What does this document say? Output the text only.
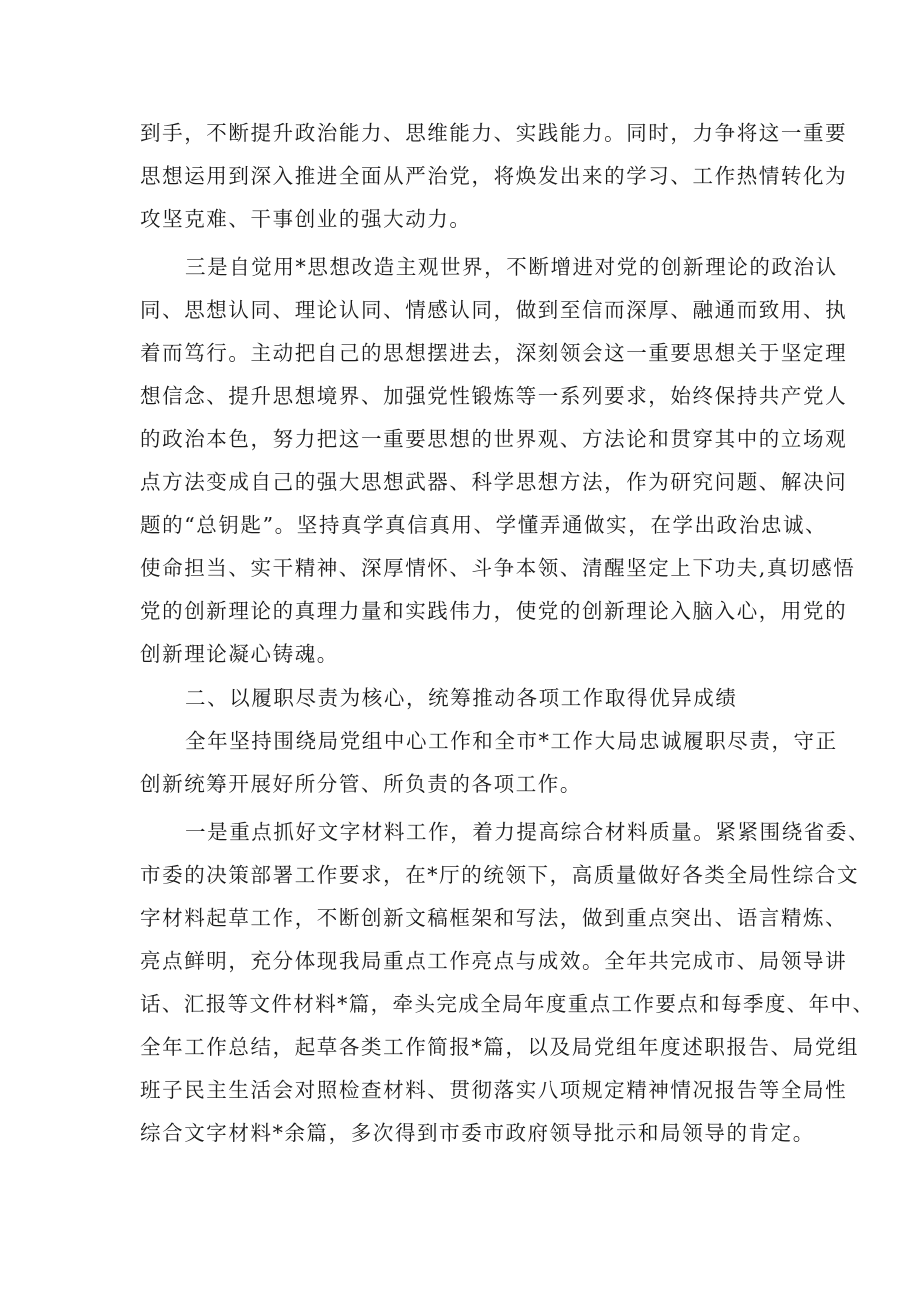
到手，不断提升政治能力、思维能力、实践能力。同时，力争将这一重要
思想运用到深入推进全面从严治党，将焕发出来的学习、工作热情转化为
攻坚克难、干事创业的强大动力。
三是自觉用*思想改造主观世界，不断增进对党的创新理论的政治认
同、思想认同、理论认同、情感认同，做到至信而深厚、融通而致用、执
着而笃行。主动把自己的思想摆进去，深刻领会这一重要思想关于坚定理
想信念、提升思想境界、加强党性锻炼等一系列要求，始终保持共产党人
的政治本色，努力把这一重要思想的世界观、方法论和贯穿其中的立场观
点方法变成自己的强大思想武器、科学思想方法，作为研究问题、解决问
题的“总钥匙”。坚持真学真信真用、学懂弄通做实，在学出政治忠诚、
使命担当、实干精神、深厚情怀、斗争本领、清醒坚定上下功夫,真切感悟
党的创新理论的真理力量和实践伟力，使党的创新理论入脑入心，用党的
创新理论凝心铸魂。
二、以履职尽责为核心，统筹推动各项工作取得优异成绩
全年坚持围绕局党组中心工作和全市*工作大局忠诚履职尽责，守正
创新统筹开展好所分管、所负责的各项工作。
一是重点抓好文字材料工作，着力提高综合材料质量。紧紧围绕省委、
市委的决策部署工作要求，在*厅的统领下，高质量做好各类全局性综合文
字材料起草工作，不断创新文稿框架和写法，做到重点突出、语言精炼、
亮点鲜明，充分体现我局重点工作亮点与成效。全年共完成市、局领导讲
话、汇报等文件材料*篇，牵头完成全局年度重点工作要点和每季度、年中、
全年工作总结，起草各类工作简报*篇，以及局党组年度述职报告、局党组
班子民主生活会对照检查材料、贯彻落实八项规定精神情况报告等全局性
综合文字材料*余篇，多次得到市委市政府领导批示和局领导的肯定。
